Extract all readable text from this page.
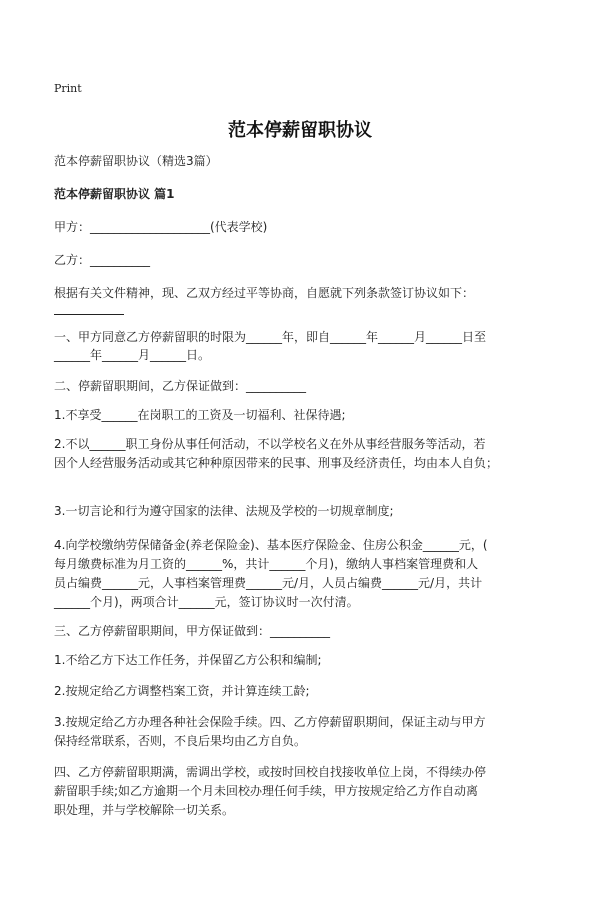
Print
范本停薪留职协议
范本停薪留职协议（精选3篇）
范本停薪留职协议 篇1
甲方：____________________(代表学校)
乙方：__________
根据有关文件精神，现、乙双方经过平等协商，自愿就下列条款签订协议如下：
一、甲方同意乙方停薪留职的时限为______年，即自______年______月______日至
______年______月______日。
二、停薪留职期间，乙方保证做到：__________
1.不享受______在岗职工的工资及一切福利、社保待遇;
2.不以______职工身份从事任何活动，不以学校名义在外从事经营服务等活动，若
因个人经营服务活动或其它种种原因带来的民事、刑事及经济责任，均由本人自负；
3.一切言论和行为遵守国家的法律、法规及学校的一切规章制度;
4.向学校缴纳劳保储备金(养老保险金)、基本医疗保险金、住房公积金______元，(
每月缴费标准为月工资的______%，共计______个月)，缴纳人事档案管理费和人
员占编费______元，人事档案管理费______元/月，人员占编费______元/月，共计
______个月)，两项合计______元，签订协议时一次付清。
三、乙方停薪留职期间，甲方保证做到：__________
1.不给乙方下达工作任务，并保留乙方公积和编制;
2.按规定给乙方调整档案工资，并计算连续工龄;
3.按规定给乙方办理各种社会保险手续。四、乙方停薪留职期间，保证主动与甲方
保持经常联系，否则，不良后果均由乙方自负。
四、乙方停薪留职期满，需调出学校，或按时回校自找接收单位上岗，不得续办停
薪留职手续;如乙方逾期一个月未回校办理任何手续，甲方按规定给乙方作自动离
职处理，并与学校解除一切关系。
